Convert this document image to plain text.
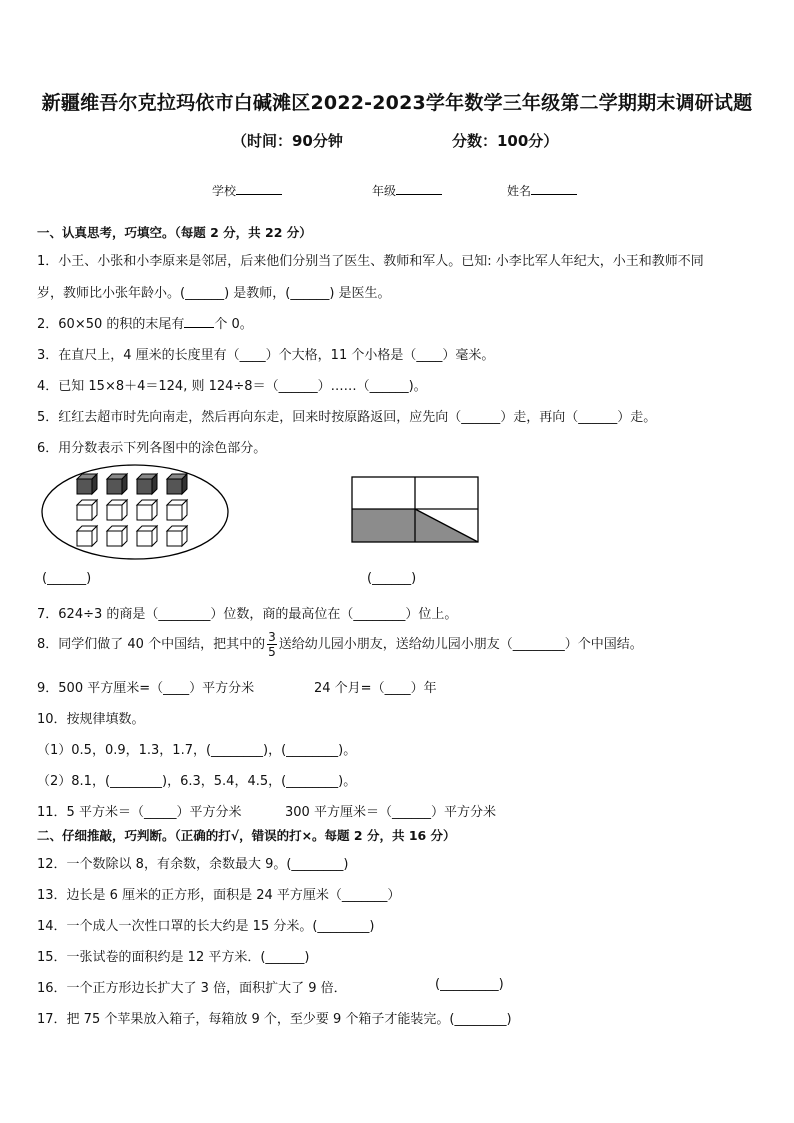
新疆维吾尔克拉玛依市白碱滩区2022-2023学年数学三年级第二学期期末调研试题
（时间：90分钟	分数：100分）
学校	年级	姓名
一、认真思考，巧填空。（每题 2 分，共 22 分）
1．小王、小张和小李原来是邻居，后来他们分别当了医生、教师和军人。已知: 小李比军人年纪大，小王和教师不同
岁，教师比小张年龄小。(______) 是教师，(______) 是医生。
2．60×50 的积的末尾有 个 0。
3．在直尺上，4 厘米的长度里有（____）个大格，11 个小格是（____）毫米。
4．已知 15×8＋4＝124, 则 124÷8＝（______）……（______)。
5．红红去超市时先向南走，然后再向东走，回来时按原路返回，应先向（______）走，再向（______）走。
6．用分数表示下列各图中的涂色部分。
(______)	(______)
7．624÷3 的商是（________）位数，商的最高位在（________）位上。
8．同学们做了 40 个中国结，把其中的 $\frac{3}{5}$ 送给幼儿园小朋友，送给幼儿园小朋友（________）个中国结。
9．500 平方厘米=（____）平方分米	24 个月=（____）年
10．按规律填数。
（1）0.5，0.9，1.3，1.7，(________)，(________)。
（2）8.1，(________)，6.3，5.4，4.5，(________)。
11．5 平方米＝（_____）平方分米	300 平方厘米＝（______）平方分米
二、仔细推敲，巧判断。（正确的打√，错误的打×。每题 2 分，共 16 分）
12．一个数除以 8，有余数，余数最大 9。(________)
13．边长是 6 厘米的正方形，面积是 24 平方厘米（_______）
14．一个成人一次性口罩的长大约是 15 分米。(________)
15．一张试卷的面积约是 12 平方米．(______)
16．一个正方形边长扩大了 3 倍，面积扩大了 9 倍．	(_________)
17．把 75 个苹果放入箱子，每箱放 9 个，至少要 9 个箱子才能装完。(________)
